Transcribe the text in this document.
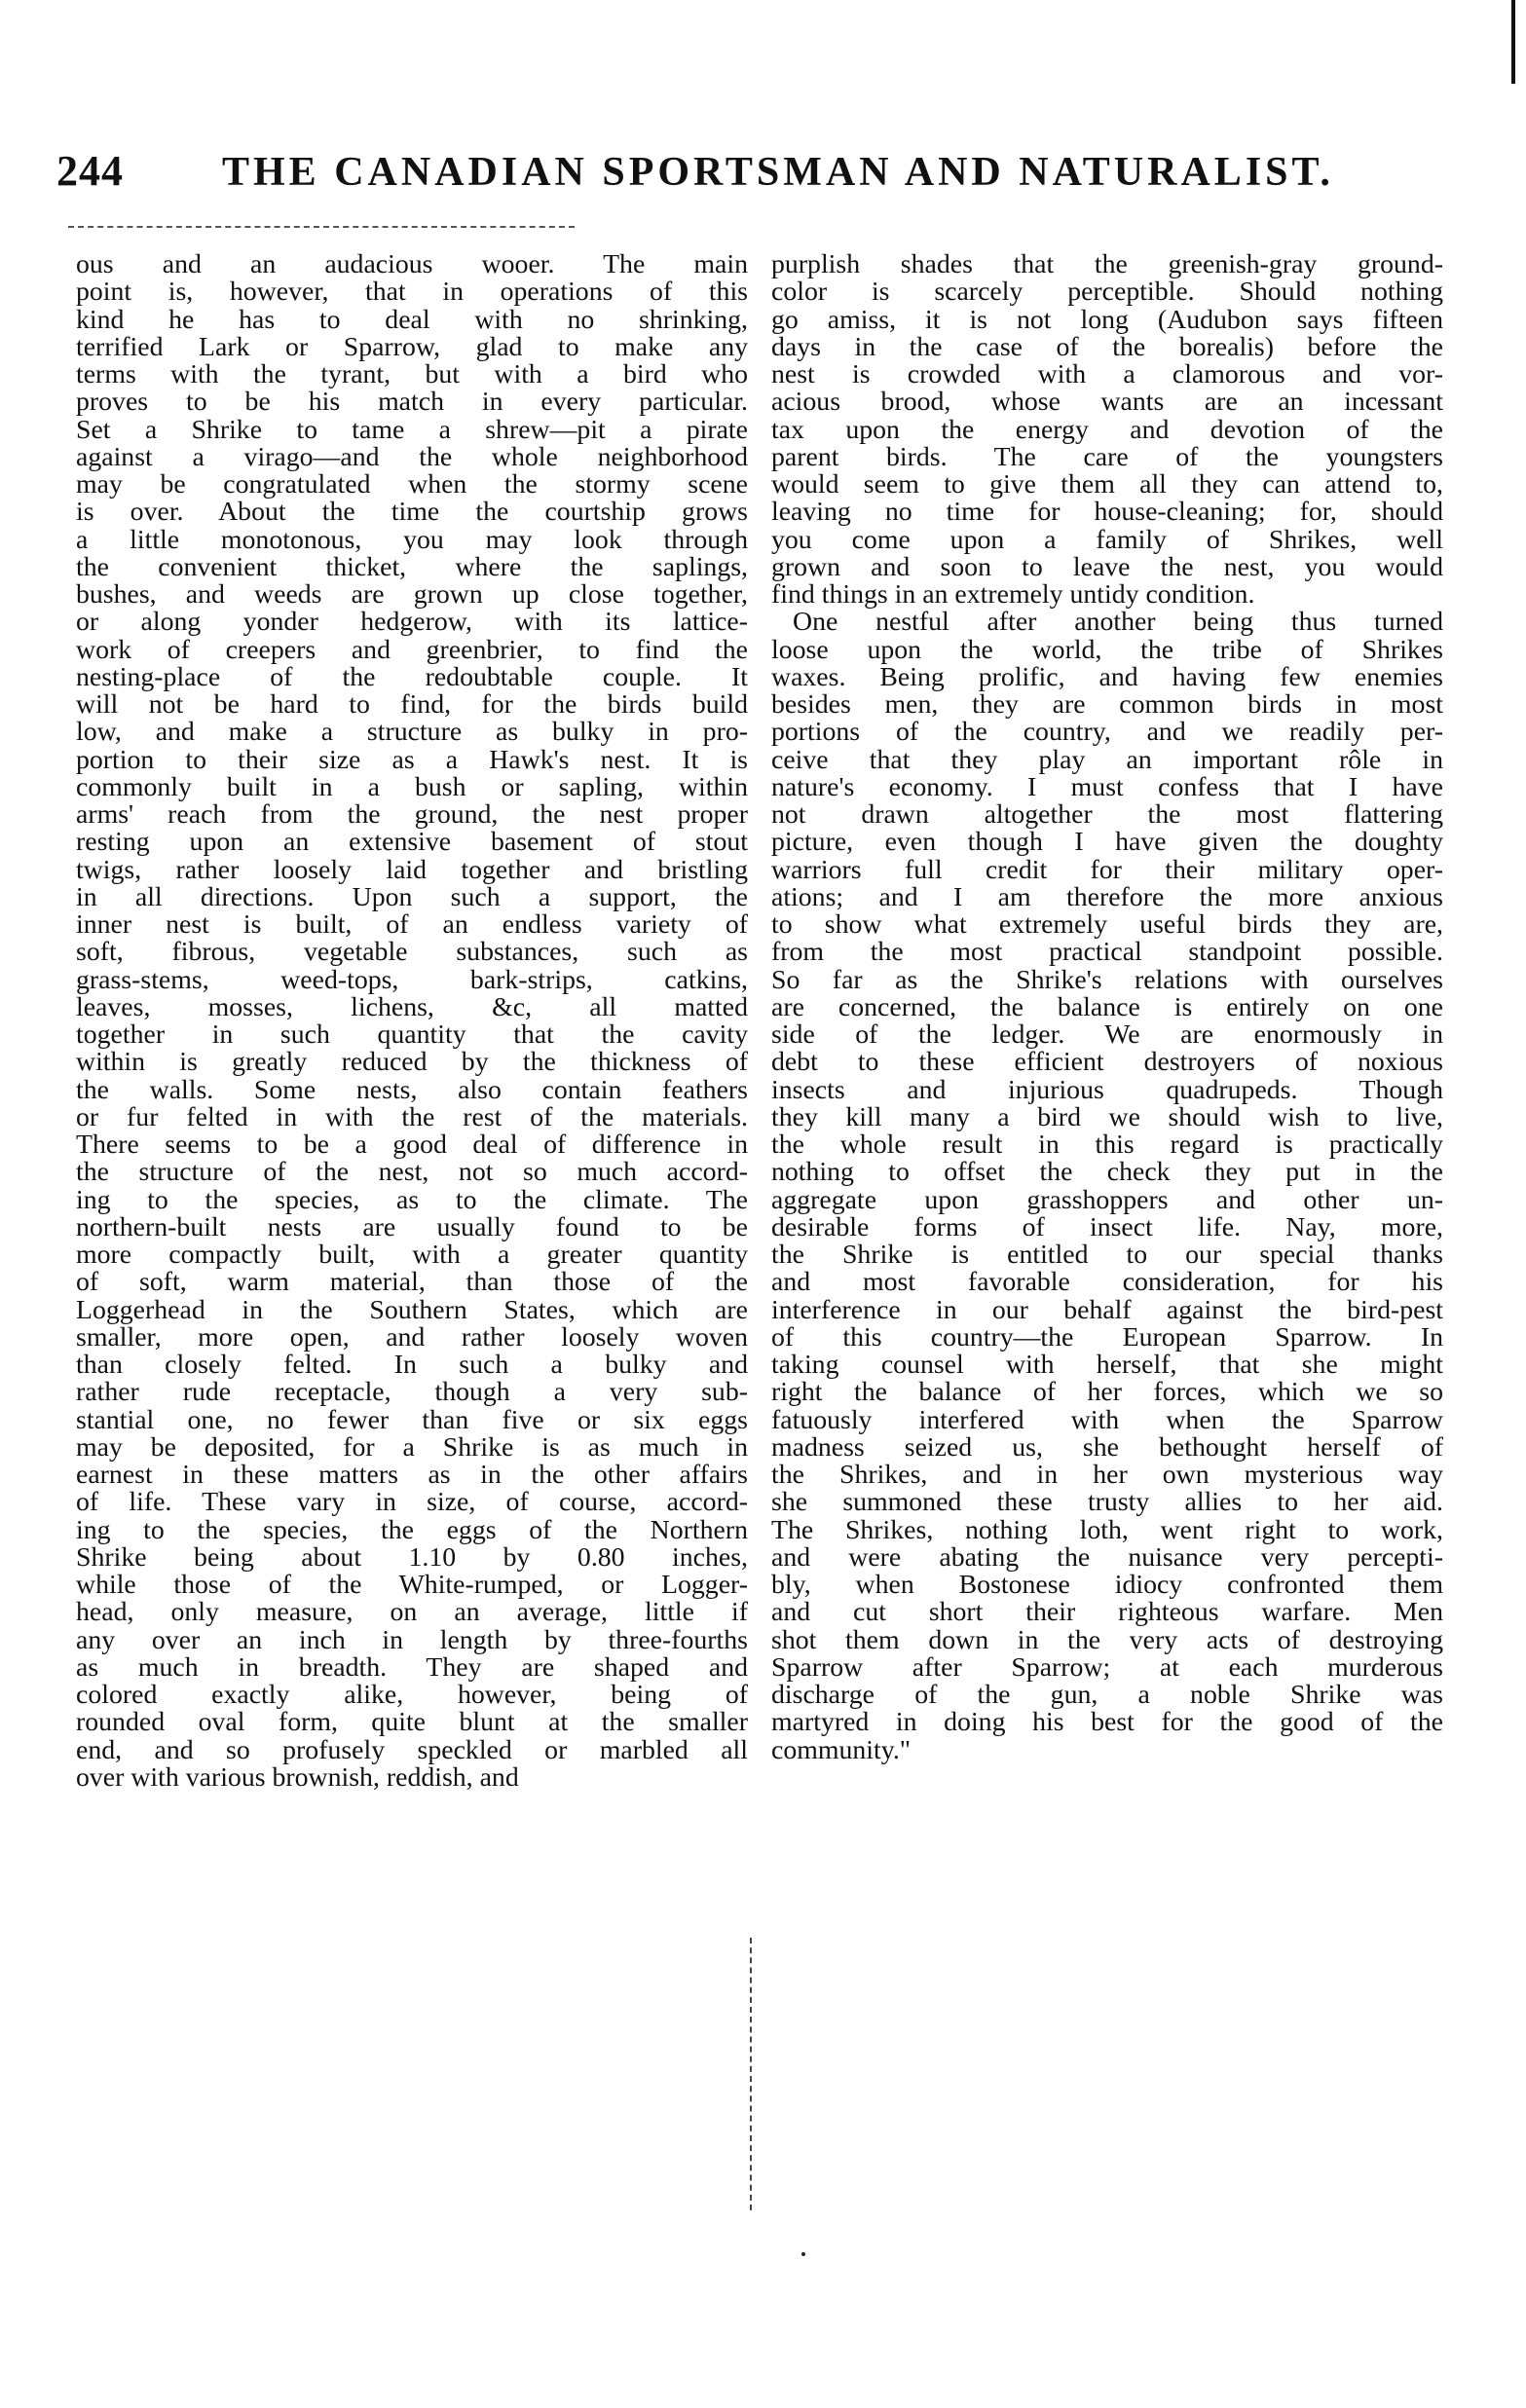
244	THE CANADIAN SPORTSMAN AND NATURALIST.
ous and an audacious wooer. The main
point is, however, that in operations of this
kind he has to deal with no shrinking,
terrified Lark or Sparrow, glad to make any
terms with the tyrant, but with a bird who
proves to be his match in every particular.
Set a Shrike to tame a shrew—pit a pirate
against a virago—and the whole neighborhood
may be congratulated when the stormy scene
is over. About the time the courtship grows
a little monotonous, you may look through
the convenient thicket, where the saplings,
bushes, and weeds are grown up close together,
or along yonder hedgerow, with its lattice-
work of creepers and greenbrier, to find the
nesting-place of the redoubtable couple. It
will not be hard to find, for the birds build
low, and make a structure as bulky in pro-
portion to their size as a Hawk's nest. It is
commonly built in a bush or sapling, within
arms' reach from the ground, the nest proper
resting upon an extensive basement of stout
twigs, rather loosely laid together and bristling
in all directions. Upon such a support, the
inner nest is built, of an endless variety of
soft, fibrous, vegetable substances, such as
grass-stems, weed-tops, bark-strips, catkins,
leaves, mosses, lichens, &c, all matted
together in such quantity that the cavity
within is greatly reduced by the thickness of
the walls. Some nests, also contain feathers
or fur felted in with the rest of the materials.
There seems to be a good deal of difference in
the structure of the nest, not so much accord-
ing to the species, as to the climate. The
northern-built nests are usually found to be
more compactly built, with a greater quantity
of soft, warm material, than those of the
Loggerhead in the Southern States, which are
smaller, more open, and rather loosely woven
than closely felted. In such a bulky and
rather rude receptacle, though a very sub-
stantial one, no fewer than five or six eggs
may be deposited, for a Shrike is as much in
earnest in these matters as in the other affairs
of life. These vary in size, of course, accord-
ing to the species, the eggs of the Northern
Shrike being about 1.10 by 0.80 inches,
while those of the White-rumped, or Logger-
head, only measure, on an average, little if
any over an inch in length by three-fourths
as much in breadth. They are shaped and
colored exactly alike, however, being of
rounded oval form, quite blunt at the smaller
end, and so profusely speckled or marbled all
over with various brownish, reddish, and
purplish shades that the greenish-gray ground-
color is scarcely perceptible. Should nothing
go amiss, it is not long (Audubon says fifteen
days in the case of the borealis) before the
nest is crowded with a clamorous and vor-
acious brood, whose wants are an incessant
tax upon the energy and devotion of the
parent birds. The care of the youngsters
would seem to give them all they can attend to,
leaving no time for house-cleaning; for, should
you come upon a family of Shrikes, well
grown and soon to leave the nest, you would
find things in an extremely untidy condition.
One nestful after another being thus turned
loose upon the world, the tribe of Shrikes
waxes. Being prolific, and having few enemies
besides men, they are common birds in most
portions of the country, and we readily per-
ceive that they play an important rôle in
nature's economy. I must confess that I have
not drawn altogether the most flattering
picture, even though I have given the doughty
warriors full credit for their military oper-
ations; and I am therefore the more anxious
to show what extremely useful birds they are,
from the most practical standpoint possible.
So far as the Shrike's relations with ourselves
are concerned, the balance is entirely on one
side of the ledger. We are enormously in
debt to these efficient destroyers of noxious
insects and injurious quadrupeds. Though
they kill many a bird we should wish to live,
the whole result in this regard is practically
nothing to offset the check they put in the
aggregate upon grasshoppers and other un-
desirable forms of insect life. Nay, more,
the Shrike is entitled to our special thanks
and most favorable consideration, for his
interference in our behalf against the bird-pest
of this country—the European Sparrow. In
taking counsel with herself, that she might
right the balance of her forces, which we so
fatuously interfered with when the Sparrow
madness seized us, she bethought herself of
the Shrikes, and in her own mysterious way
she summoned these trusty allies to her aid.
The Shrikes, nothing loth, went right to work,
and were abating the nuisance very percepti-
bly, when Bostonese idiocy confronted them
and cut short their righteous warfare. Men
shot them down in the very acts of destroying
Sparrow after Sparrow; at each murderous
discharge of the gun, a noble Shrike was
martyred in doing his best for the good of the
community."
